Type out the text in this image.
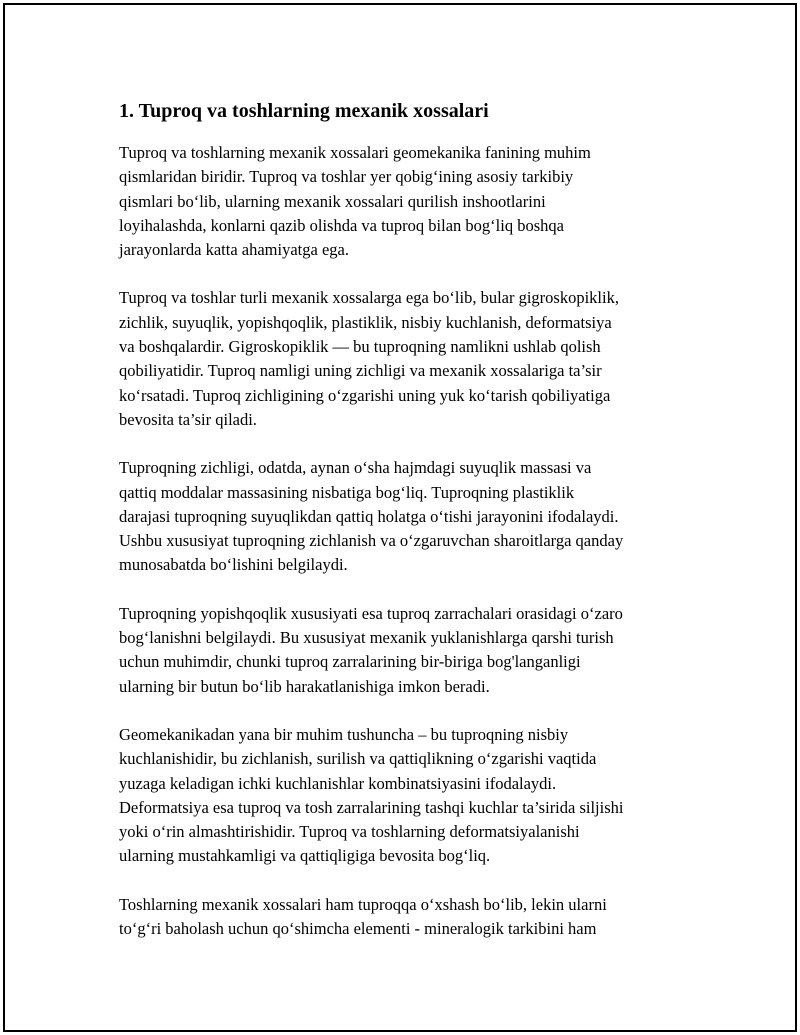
1. Tuproq va toshlarning mexanik xossalari

Tuproq va toshlarning mexanik xossalari geomekanika fanining muhim
qismlaridan biridir. Tuproq va toshlar yer qobig‘ining asosiy tarkibiy
qismlari bo‘lib, ularning mexanik xossalari qurilish inshootlarini
loyihalashda, konlarni qazib olishda va tuproq bilan bog‘liq boshqa
jarayonlarda katta ahamiyatga ega.

Tuproq va toshlar turli mexanik xossalarga ega bo‘lib, bular gigroskopiklik,
zichlik, suyuqlik, yopishqoqlik, plastiklik, nisbiy kuchlanish, deformatsiya
va boshqalardir. Gigroskopiklik — bu tuproqning namlikni ushlab qolish
qobiliyatidir. Tuproq namligi uning zichligi va mexanik xossalariga ta’sir
ko‘rsatadi. Tuproq zichligining o‘zgarishi uning yuk ko‘tarish qobiliyatiga
bevosita ta’sir qiladi.

Tuproqning zichligi, odatda, aynan o‘sha hajmdagi suyuqlik massasi va
qattiq moddalar massasining nisbatiga bog‘liq. Tuproqning plastiklik
darajasi tuproqning suyuqlikdan qattiq holatga o‘tishi jarayonini ifodalaydi.
Ushbu xususiyat tuproqning zichlanish va o‘zgaruvchan sharoitlarga qanday
munosabatda bo‘lishini belgilaydi.

Tuproqning yopishqoqlik xususiyati esa tuproq zarrachalari orasidagi o‘zaro
bog‘lanishni belgilaydi. Bu xususiyat mexanik yuklanishlarga qarshi turish
uchun muhimdir, chunki tuproq zarralarining bir-biriga bog'langanligi
ularning bir butun bo‘lib harakatlanishiga imkon beradi.

Geomekanikadan yana bir muhim tushuncha – bu tuproqning nisbiy
kuchlanishidir, bu zichlanish, surilish va qattiqlikning o‘zgarishi vaqtida
yuzaga keladigan ichki kuchlanishlar kombinatsiyasini ifodalaydi.
Deformatsiya esa tuproq va tosh zarralarining tashqi kuchlar ta’sirida siljishi
yoki o‘rin almashtirishidir. Tuproq va toshlarning deformatsiyalanishi
ularning mustahkamligi va qattiqligiga bevosita bog‘liq.

Toshlarning mexanik xossalari ham tuproqqa o‘xshash bo‘lib, lekin ularni
to‘g‘ri baholash uchun qo‘shimcha elementi - mineralogik tarkibini ham
